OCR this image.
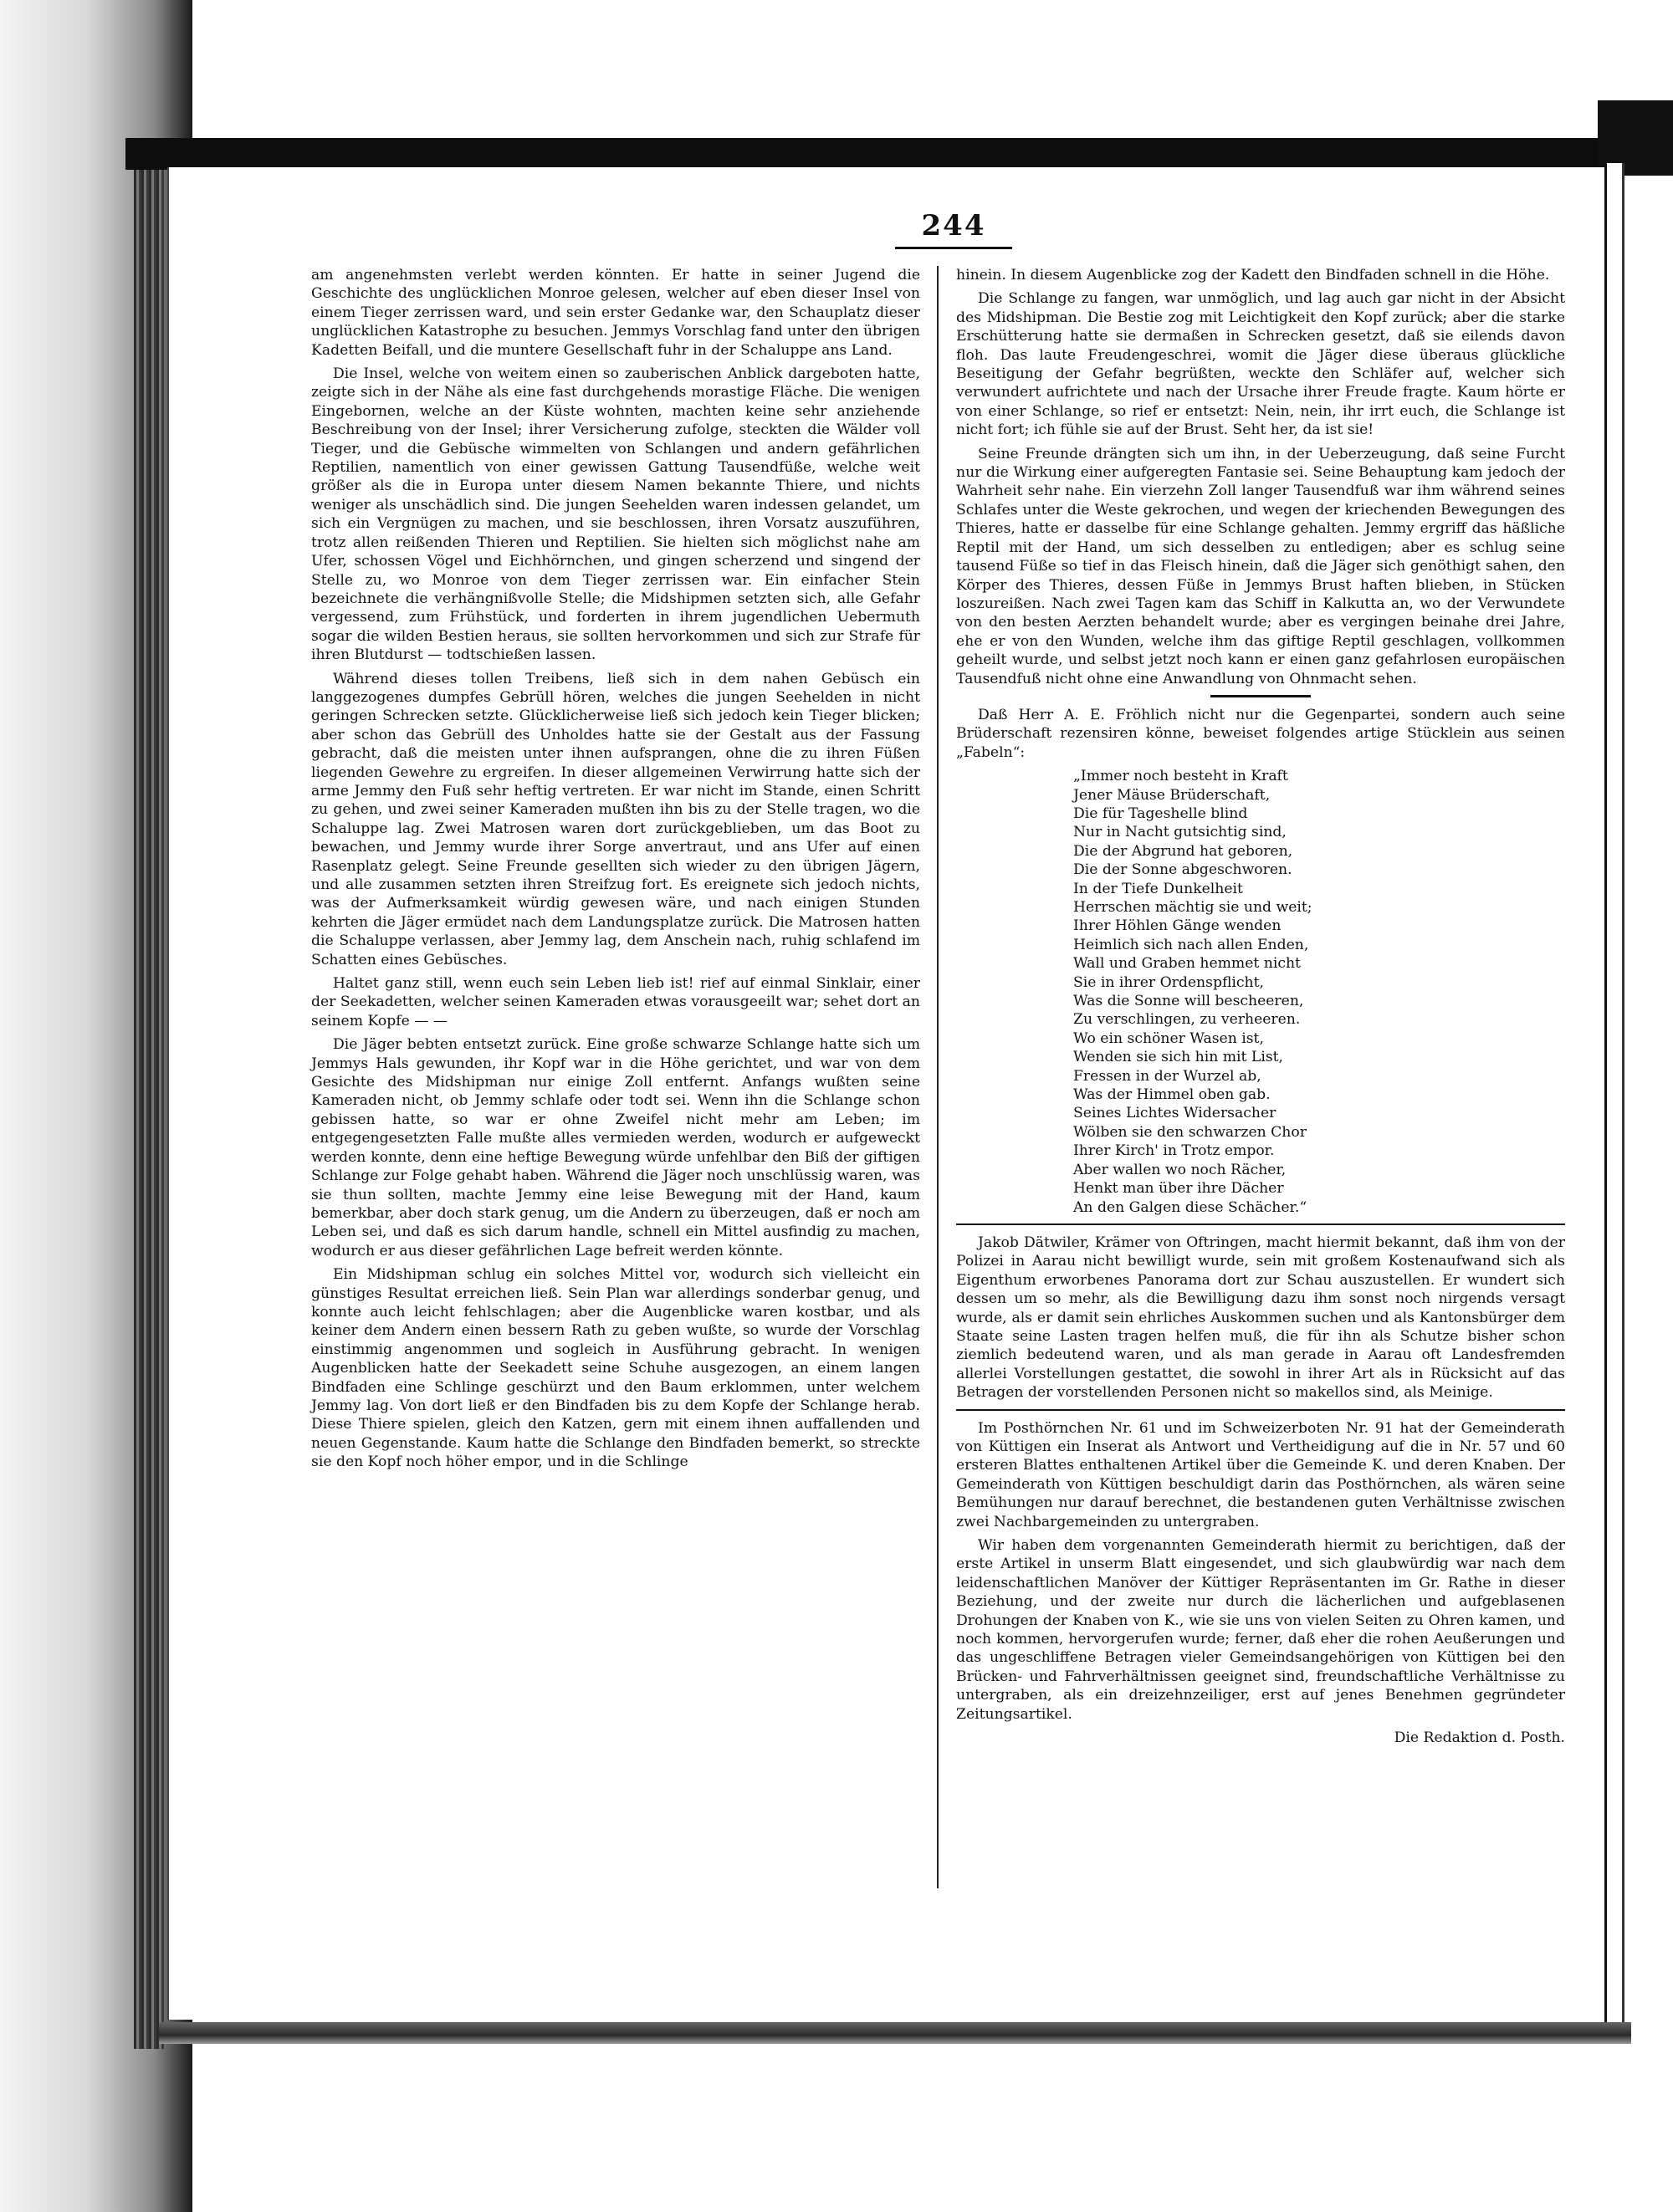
244

am angenehmsten verlebt werden könnten. Er hatte in seiner Jugend die Geschichte des unglücklichen Monroe gelesen, welcher auf eben dieser Insel von einem Tieger zerrissen ward, und sein erster Gedanke war, den Schauplatz dieser unglücklichen Katastrophe zu besuchen. Jemmys Vorschlag fand unter den übrigen Kadetten Beifall, und die muntere Gesellschaft fuhr in der Schaluppe ans Land.

Die Insel, welche von weitem einen so zauberischen Anblick dargeboten hatte, zeigte sich in der Nähe als eine fast durchgehends morastige Fläche. Die wenigen Eingebornen, welche an der Küste wohnten, machten keine sehr anziehende Beschreibung von der Insel; ihrer Versicherung zufolge, steckten die Wälder voll Tieger, und die Gebüsche wimmelten von Schlangen und andern gefährlichen Reptilien, namentlich von einer gewissen Gattung Tausendfüße, welche weit größer als die in Europa unter diesem Namen bekannte Thiere, und nichts weniger als unschädlich sind. Die jungen Seehelden waren indessen gelandet, um sich ein Vergnügen zu machen, und sie beschlossen, ihren Vorsatz auszuführen, trotz allen reißenden Thieren und Reptilien. Sie hielten sich möglichst nahe am Ufer, schossen Vögel und Eichhörnchen, und gingen scherzend und singend der Stelle zu, wo Monroe von dem Tieger zerrissen war. Ein einfacher Stein bezeichnete die verhängnißvolle Stelle; die Midshipmen setzten sich, alle Gefahr vergessend, zum Frühstück, und forderten in ihrem jugendlichen Uebermuth sogar die wilden Bestien heraus, sie sollten hervorkommen und sich zur Strafe für ihren Blutdurst — todtschießen lassen.

Während dieses tollen Treibens, ließ sich in dem nahen Gebüsch ein langgezogenes dumpfes Gebrüll hören, welches die jungen Seehelden in nicht geringen Schrecken setzte. Glücklicherweise ließ sich jedoch kein Tieger blicken; aber schon das Gebrüll des Unholdes hatte sie der Gestalt aus der Fassung gebracht, daß die meisten unter ihnen aufsprangen, ohne die zu ihren Füßen liegenden Gewehre zu ergreifen. In dieser allgemeinen Verwirrung hatte sich der arme Jemmy den Fuß sehr heftig vertreten. Er war nicht im Stande, einen Schritt zu gehen, und zwei seiner Kameraden mußten ihn bis zu der Stelle tragen, wo die Schaluppe lag. Zwei Matrosen waren dort zurückgeblieben, um das Boot zu bewachen, und Jemmy wurde ihrer Sorge anvertraut, und ans Ufer auf einen Rasenplatz gelegt. Seine Freunde gesellten sich wieder zu den übrigen Jägern, und alle zusammen setzten ihren Streifzug fort. Es ereignete sich jedoch nichts, was der Aufmerksamkeit würdig gewesen wäre, und nach einigen Stunden kehrten die Jäger ermüdet nach dem Landungsplatze zurück. Die Matrosen hatten die Schaluppe verlassen, aber Jemmy lag, dem Anschein nach, ruhig schlafend im Schatten eines Gebüsches.

Haltet ganz still, wenn euch sein Leben lieb ist! rief auf einmal Sinklair, einer der Seekadetten, welcher seinen Kameraden etwas vorausgeeilt war; sehet dort an seinem Kopfe — —

Die Jäger bebten entsetzt zurück. Eine große schwarze Schlange hatte sich um Jemmys Hals gewunden, ihr Kopf war in die Höhe gerichtet, und war von dem Gesichte des Midshipman nur einige Zoll entfernt. Anfangs wußten seine Kameraden nicht, ob Jemmy schlafe oder todt sei. Wenn ihn die Schlange schon gebissen hatte, so war er ohne Zweifel nicht mehr am Leben; im entgegengesetzten Falle mußte alles vermieden werden, wodurch er aufgeweckt werden konnte, denn eine heftige Bewegung würde unfehlbar den Biß der giftigen Schlange zur Folge gehabt haben. Während die Jäger noch unschlüssig waren, was sie thun sollten, machte Jemmy eine leise Bewegung mit der Hand, kaum bemerkbar, aber doch stark genug, um die Andern zu überzeugen, daß er noch am Leben sei, und daß es sich darum handle, schnell ein Mittel ausfindig zu machen, wodurch er aus dieser gefährlichen Lage befreit werden könnte.

Ein Midshipman schlug ein solches Mittel vor, wodurch sich vielleicht ein günstiges Resultat erreichen ließ. Sein Plan war allerdings sonderbar genug, und konnte auch leicht fehlschlagen; aber die Augenblicke waren kostbar, und als keiner dem Andern einen bessern Rath zu geben wußte, so wurde der Vorschlag einstimmig angenommen und sogleich in Ausführung gebracht. In wenigen Augenblicken hatte der Seekadett seine Schuhe ausgezogen, an einem langen Bindfaden eine Schlinge geschürzt und den Baum erklommen, unter welchem Jemmy lag. Von dort ließ er den Bindfaden bis zu dem Kopfe der Schlange herab. Diese Thiere spielen, gleich den Katzen, gern mit einem ihnen auffallenden und neuen Gegenstande. Kaum hatte die Schlange den Bindfaden bemerkt, so streckte sie den Kopf noch höher empor, und in die Schlinge

hinein. In diesem Augenblicke zog der Kadett den Bindfaden schnell in die Höhe.

Die Schlange zu fangen, war unmöglich, und lag auch gar nicht in der Absicht des Midshipman. Die Bestie zog mit Leichtigkeit den Kopf zurück; aber die starke Erschütterung hatte sie dermaßen in Schrecken gesetzt, daß sie eilends davon floh. Das laute Freudengeschrei, womit die Jäger diese überaus glückliche Beseitigung der Gefahr begrüßten, weckte den Schläfer auf, welcher sich verwundert aufrichtete und nach der Ursache ihrer Freude fragte. Kaum hörte er von einer Schlange, so rief er entsetzt: Nein, nein, ihr irrt euch, die Schlange ist nicht fort; ich fühle sie auf der Brust. Seht her, da ist sie!

Seine Freunde drängten sich um ihn, in der Ueberzeugung, daß seine Furcht nur die Wirkung einer aufgeregten Fantasie sei. Seine Behauptung kam jedoch der Wahrheit sehr nahe. Ein vierzehn Zoll langer Tausendfuß war ihm während seines Schlafes unter die Weste gekrochen, und wegen der kriechenden Bewegungen des Thieres, hatte er dasselbe für eine Schlange gehalten. Jemmy ergriff das häßliche Reptil mit der Hand, um sich desselben zu entledigen; aber es schlug seine tausend Füße so tief in das Fleisch hinein, daß die Jäger sich genöthigt sahen, den Körper des Thieres, dessen Füße in Jemmys Brust haften blieben, in Stücken loszureißen. Nach zwei Tagen kam das Schiff in Kalkutta an, wo der Verwundete von den besten Aerzten behandelt wurde; aber es vergingen beinahe drei Jahre, ehe er von den Wunden, welche ihm das giftige Reptil geschlagen, vollkommen geheilt wurde, und selbst jetzt noch kann er einen ganz gefahrlosen europäischen Tausendfuß nicht ohne eine Anwandlung von Ohnmacht sehen.

Daß Herr A. E. Fröhlich nicht nur die Gegenpartei, sondern auch seine Brüderschaft rezensiren könne, beweiset folgendes artige Stücklein aus seinen „Fabeln“:

„Immer noch besteht in Kraft
Jener Mäuse Brüderschaft,
Die für Tageshelle blind
Nur in Nacht gutsichtig sind,
Die der Abgrund hat geboren,
Die der Sonne abgeschworen.
In der Tiefe Dunkelheit
Herrschen mächtig sie und weit;
Ihrer Höhlen Gänge wenden
Heimlich sich nach allen Enden,
Wall und Graben hemmet nicht
Sie in ihrer Ordenspflicht,
Was die Sonne will bescheeren,
Zu verschlingen, zu verheeren.
Wo ein schöner Wasen ist,
Wenden sie sich hin mit List,
Fressen in der Wurzel ab,
Was der Himmel oben gab.
Seines Lichtes Widersacher
Wölben sie den schwarzen Chor
Ihrer Kirch' in Trotz empor.
Aber wallen wo noch Rächer,
Henkt man über ihre Dächer
An den Galgen diese Schächer.“

Jakob Dätwiler, Krämer von Oftringen, macht hiermit bekannt, daß ihm von der Polizei in Aarau nicht bewilligt wurde, sein mit großem Kostenaufwand sich als Eigenthum erworbenes Panorama dort zur Schau auszustellen. Er wundert sich dessen um so mehr, als die Bewilligung dazu ihm sonst noch nirgends versagt wurde, als er damit sein ehrliches Auskommen suchen und als Kantonsbürger dem Staate seine Lasten tragen helfen muß, die für ihn als Schutze bisher schon ziemlich bedeutend waren, und als man gerade in Aarau oft Landesfremden allerlei Vorstellungen gestattet, die sowohl in ihrer Art als in Rücksicht auf das Betragen der vorstellenden Personen nicht so makellos sind, als Meinige.

Im Posthörnchen Nr. 61 und im Schweizerboten Nr. 91 hat der Gemeinderath von Küttigen ein Inserat als Antwort und Vertheidigung auf die in Nr. 57 und 60 ersteren Blattes enthaltenen Artikel über die Gemeinde K. und deren Knaben. Der Gemeinderath von Küttigen beschuldigt darin das Posthörnchen, als wären seine Bemühungen nur darauf berechnet, die bestandenen guten Verhältnisse zwischen zwei Nachbargemeinden zu untergraben.

Wir haben dem vorgenannten Gemeinderath hiermit zu berichtigen, daß der erste Artikel in unserm Blatt eingesendet, und sich glaubwürdig war nach dem leidenschaftlichen Manöver der Küttiger Repräsentanten im Gr. Rathe in dieser Beziehung, und der zweite nur durch die lächerlichen und aufgeblasenen Drohungen der Knaben von K., wie sie uns von vielen Seiten zu Ohren kamen, und noch kommen, hervorgerufen wurde; ferner, daß eher die rohen Aeußerungen und das ungeschliffene Betragen vieler Gemeindsangehörigen von Küttigen bei den Brücken- und Fahrverhältnissen geeignet sind, freundschaftliche Verhältnisse zu untergraben, als ein dreizehnzeiliger, erst auf jenes Benehmen gegründeter Zeitungsartikel.

Die Redaktion d. Posth.
